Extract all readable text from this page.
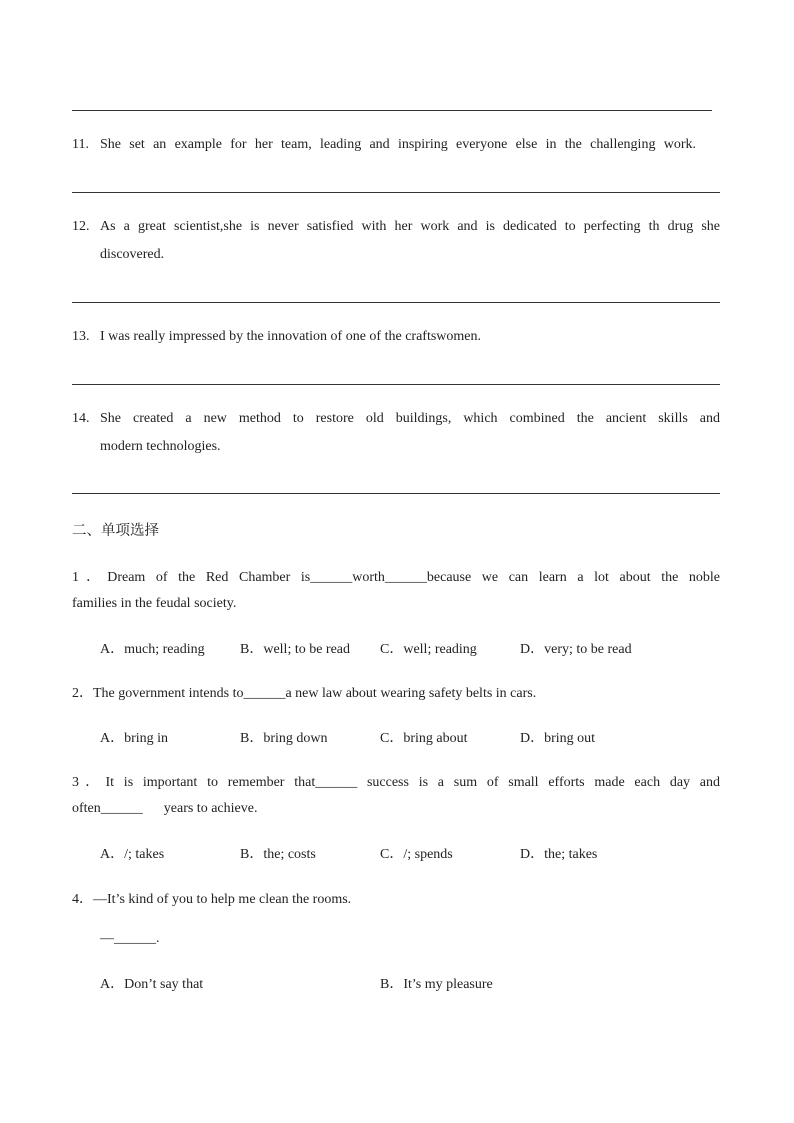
11. She set an example for her team, leading and inspiring everyone else in the challenging work.
12. As a great scientist,she is never satisfied with her work and is dedicated to perfecting th drug she
discovered.
13. I was really impressed by the innovation of one of the craftswomen.
14. She created a new method to restore old buildings, which combined the ancient skills and
modern technologies.
二、单项选择
1．Dream of the Red Chamber is______worth______because we can learn a lot about the noble
families in the feudal society.
A．much; reading	B．well; to be read C．well; reading	D．very; to be read
2．The government intends to______a new law about wearing safety belts in cars.
A．bring in	B．bring down	C．bring about	D．bring out
3．It is important to remember that______ success is a sum of small efforts made each day and
often______      years to achieve.
A．/; takes	B．the; costs	C．/; spends	D．the; takes
4．—It’s kind of you to help me clean the rooms.
—______.
A．Don’t say that	B．It’s my pleasure
